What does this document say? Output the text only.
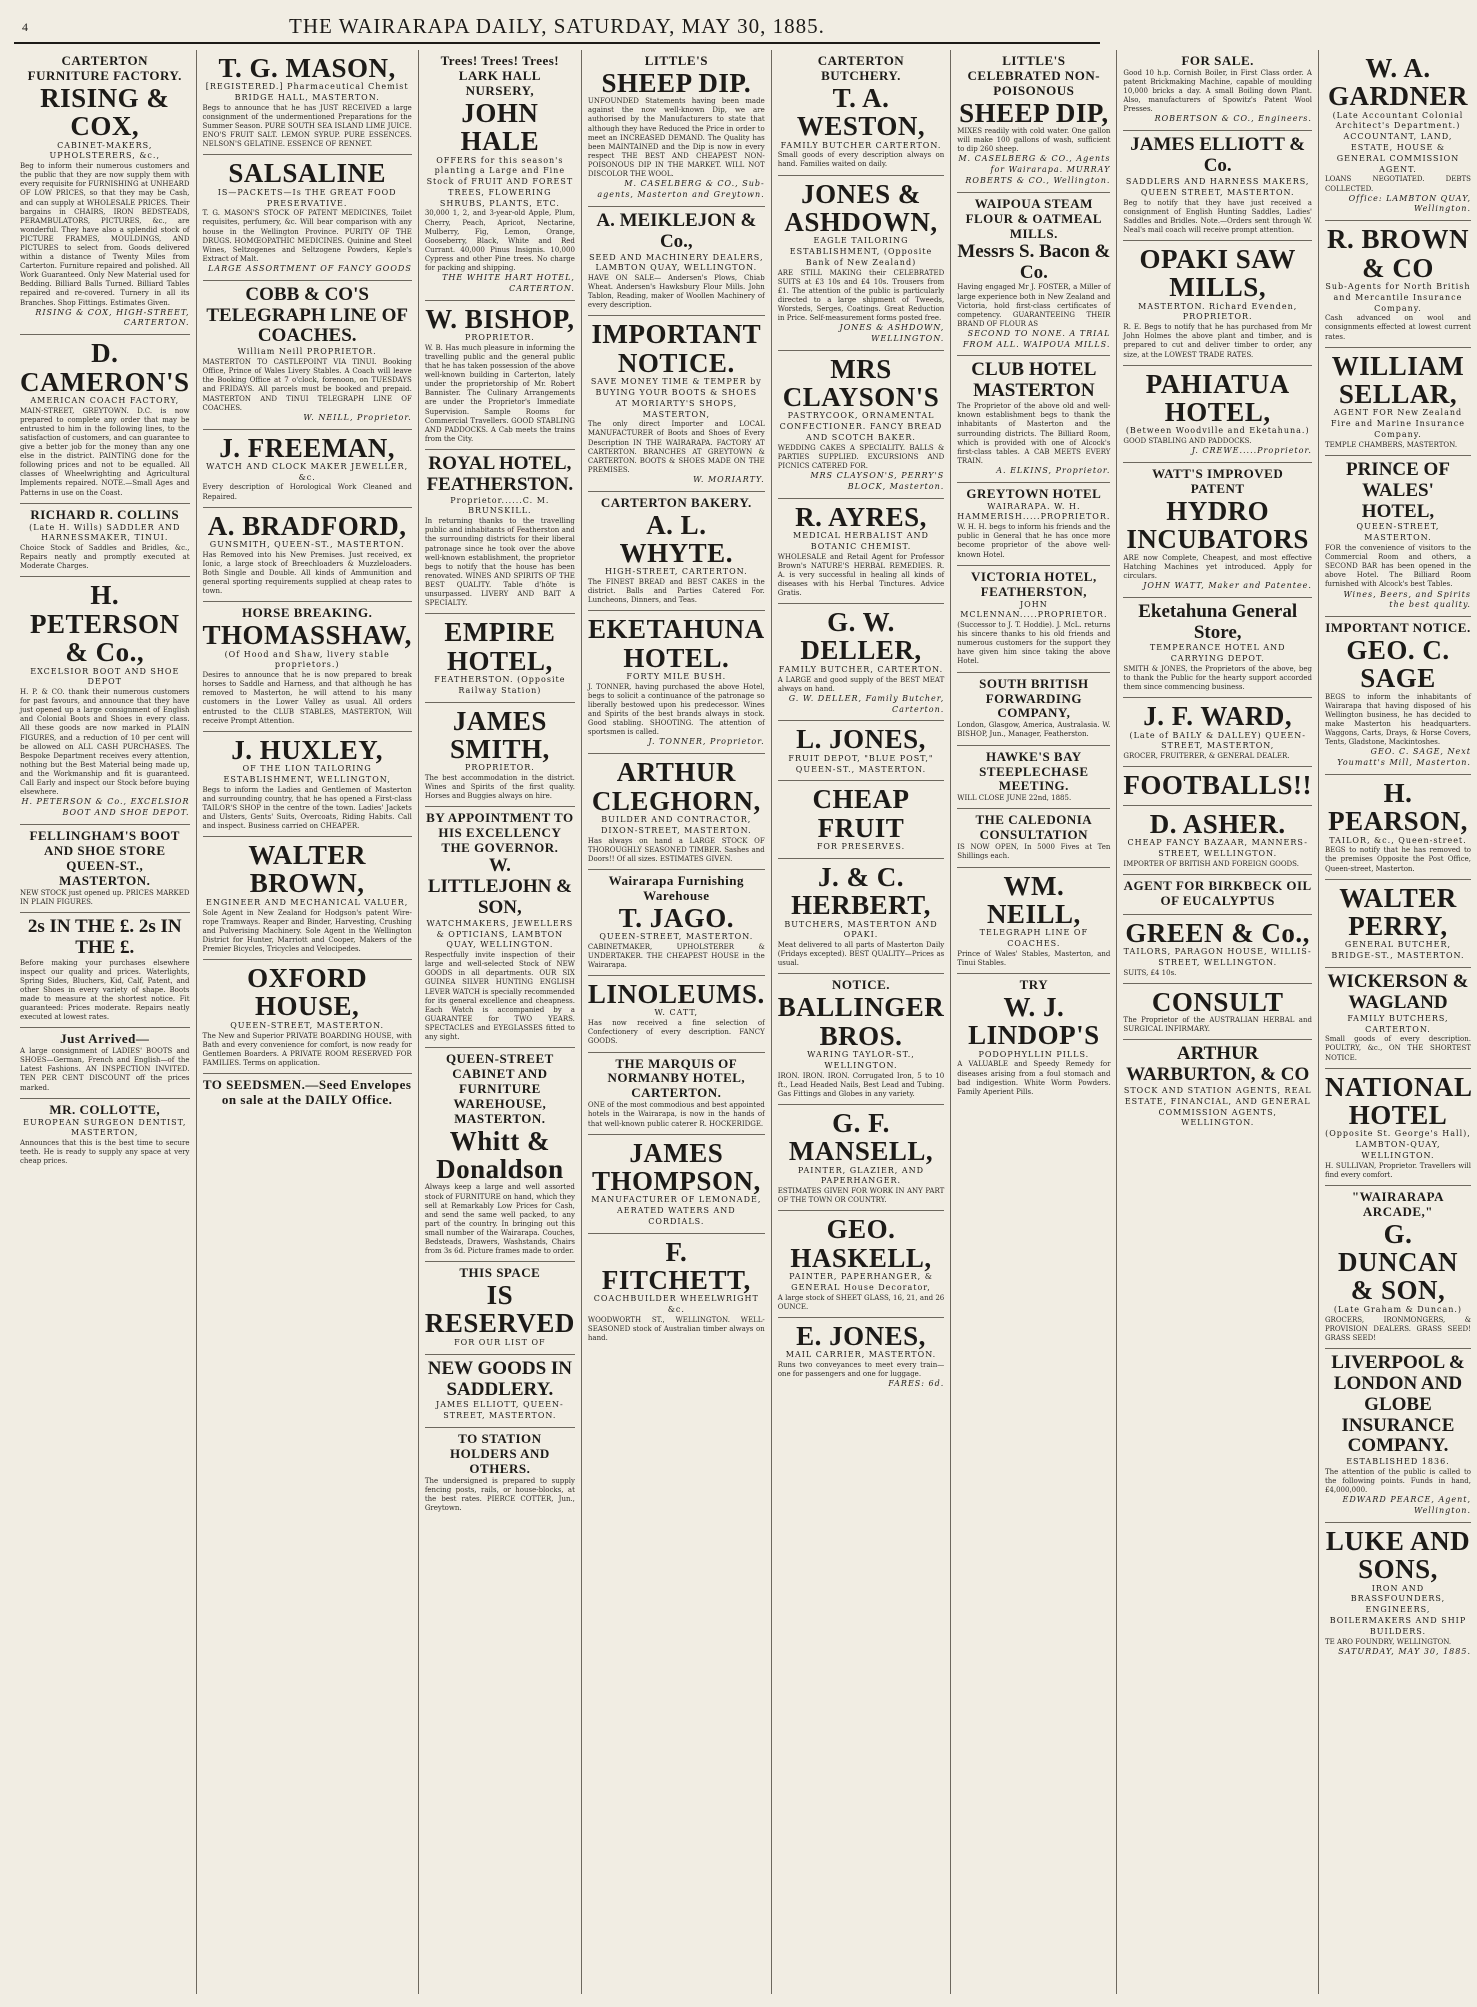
4	THE WAIRARAPA DAILY, SATURDAY, MAY 30, 1885.
CARTERTON FURNITURE FACTORY.
RISING & COX,
CABINET-MAKERS, UPHOLSTERERS, &c.,
Beg to inform their numerous customers and the public that they are now supply them with every requisite for FURNISHING at UNHEARD OF LOW PRICES, so that they may be Cash, and can supply at WHOLESALE PRICES. Their bargains in CHAIRS, IRON BEDSTEADS, PERAMBULATORS, PICTURES, &c., are wonderful. They have also a splendid stock of PICTURE FRAMES, MOULDINGS, AND PICTURES to select from. Goods delivered within a distance of Twenty Miles from Carterton. Furniture repaired and polished. All Work Guaranteed. Only New Material used for Bedding. Billiard Balls Turned. Billiard Tables repaired and re-covered. Turnery in all its Branches. Shop Fittings. Estimates Given.
RISING & COX, HIGH-STREET, CARTERTON.
D. CAMERON'S
AMERICAN COACH FACTORY,
MAIN-STREET, GREYTOWN. D.C. is now prepared to complete any order that may be entrusted to him in the following lines, to the satisfaction of customers, and can guarantee to give a better job for the money than any one else in the district. PAINTING done for the following prices and not to be equalled. All classes of Wheelwrighting and Agricultural Implements repaired. NOTE.—Small Ages and Patterns in use on the Coast.
RICHARD R. COLLINS
(Late H. Wills) SADDLER AND HARNESSMAKER, TINUI.
Choice Stock of Saddles and Bridles, &c., Repairs neatly and promptly executed at Moderate Charges.
H. PETERSON & Co.,
EXCELSIOR BOOT AND SHOE DEPOT
H. P. & CO. thank their numerous customers for past favours, and announce that they have just opened up a large consignment of English and Colonial Boots and Shoes in every class. All these goods are now marked in PLAIN FIGURES, and a reduction of 10 per cent will be allowed on ALL CASH PURCHASES. The Bespoke Department receives every attention, nothing but the Best Material being made up, and the Workmanship and fit is guaranteed. Call Early and inspect our Stock before buying elsewhere.
H. PETERSON & Co., EXCELSIOR BOOT AND SHOE DEPOT.
FELLINGHAM'S BOOT AND SHOE STORE
QUEEN-ST., MASTERTON.
NEW STOCK just opened up. PRICES MARKED IN PLAIN FIGURES.
2s IN THE £. 2s IN THE £.
Before making your purchases elsewhere inspect our quality and prices. Waterlights, Spring Sides, Bluchers, Kid, Calf, Patent, and other Shoes in every variety of shape. Boots made to measure at the shortest notice. Fit guaranteed: Prices moderate. Repairs neatly executed at lowest rates.
Just Arrived—
A large consignment of LADIES' BOOTS and SHOES—German, French and English—of the Latest Fashions. AN INSPECTION INVITED. TEN PER CENT DISCOUNT off the prices marked.
MR. COLLOTTE,
EUROPEAN SURGEON DENTIST, MASTERTON,
Announces that this is the best time to secure teeth. He is ready to supply any space at very cheap prices.
T. G. MASON,
[REGISTERED.] Pharmaceutical Chemist BRIDGE HALL, MASTERTON.
Begs to announce that he has JUST RECEIVED a large consignment of the undermentioned Preparations for the Summer Season. PURE SOUTH SEA ISLAND LIME JUICE. ENO'S FRUIT SALT. LEMON SYRUP. PURE ESSENCES. NELSON'S GELATINE. ESSENCE OF RENNET.
SALSALINE
IS—PACKETS—Is THE GREAT FOOD PRESERVATIVE.
T. G. MASON'S STOCK OF PATENT MEDICINES, Toilet requisites, perfumery, &c. Will bear comparison with any house in the Wellington Province. PURITY OF THE DRUGS. HOMŒOPATHIC MEDICINES. Quinine and Steel Wines, Seltzogenes and Seltzogene Powders, Keple's Extract of Malt.
LARGE ASSORTMENT OF FANCY GOODS
COBB & CO'S TELEGRAPH LINE OF COACHES.
William Neill PROPRIETOR.
MASTERTON TO CASTLEPOINT VIA TINUI. Booking Office, Prince of Wales Livery Stables. A Coach will leave the Booking Office at 7 o'clock, forenoon, on TUESDAYS and FRIDAYS. All parcels must be booked and prepaid. MASTERTON AND TINUI TELEGRAPH LINE OF COACHES.
W. NEILL, Proprietor.
J. FREEMAN,
WATCH AND CLOCK MAKER JEWELLER, &c.
Every description of Horological Work Cleaned and Repaired.
A. BRADFORD,
GUNSMITH, QUEEN-ST., MASTERTON.
Has Removed into his New Premises. Just received, ex Ionic, a large stock of Breechloaders & Muzzleloaders. Both Single and Double. All kinds of Ammunition and general sporting requirements supplied at cheap rates to town.
HORSE BREAKING.
THOMASSHAW,
(Of Hood and Shaw, livery stable proprietors.)
Desires to announce that he is now prepared to break horses to Saddle and Harness, and that although he has removed to Masterton, he will attend to his many customers in the Lower Valley as usual. All orders entrusted to the CLUB STABLES, MASTERTON, Will receive Prompt Attention.
J. HUXLEY,
OF THE LION TAILORING ESTABLISHMENT, WELLINGTON,
Begs to inform the Ladies and Gentlemen of Masterton and surrounding country, that he has opened a First-class TAILOR'S SHOP in the centre of the town. Ladies' Jackets and Ulsters, Gents' Suits, Overcoats, Riding Habits. Call and inspect. Business carried on CHEAPER.
WALTER BROWN,
ENGINEER AND MECHANICAL VALUER,
Sole Agent in New Zealand for Hodgson's patent Wire-rope Tramways. Reaper and Binder, Harvesting, Crushing and Pulverising Machinery. Sole Agent in the Wellington District for Hunter, Marriott and Cooper, Makers of the Premier Bicycles, Tricycles and Velocipedes.
OXFORD HOUSE,
QUEEN-STREET, MASTERTON.
The New and Superior PRIVATE BOARDING HOUSE, with Bath and every convenience for comfort, is now ready for Gentlemen Boarders. A PRIVATE ROOM RESERVED FOR FAMILIES. Terms on application.
TO SEEDSMEN.—Seed Envelopes on sale at the DAILY Office.
Trees! Trees! Trees!
LARK HALL NURSERY,
JOHN HALE
OFFERS for this season's planting a Large and Fine Stock of FRUIT AND FOREST TREES, FLOWERING SHRUBS, PLANTS, ETC.
30,000 1, 2, and 3-year-old Apple, Plum, Cherry, Peach, Apricot, Nectarine, Mulberry, Fig, Lemon, Orange, Gooseberry, Black, White and Red Currant. 40,000 Pinus Insignis. 10,000 Cypress and other Pine trees. No charge for packing and shipping.
THE WHITE HART HOTEL, CARTERTON.
W. BISHOP,
PROPRIETOR.
W. B. Has much pleasure in informing the travelling public and the general public that he has taken possession of the above well-known building in Carterton, lately under the proprietorship of Mr. Robert Bannister. The Culinary Arrangements are under the Proprietor's Immediate Supervision. Sample Rooms for Commercial Travellers. GOOD STABLING AND PADDOCKS. A Cab meets the trains from the City.
ROYAL HOTEL, FEATHERSTON.
Proprietor......C. M. BRUNSKILL.
In returning thanks to the travelling public and inhabitants of Featherston and the surrounding districts for their liberal patronage since he took over the above well-known establishment, the proprietor begs to notify that the house has been renovated. WINES AND SPIRITS OF THE BEST QUALITY. Table d'hôte is unsurpassed. LIVERY AND BAIT A SPECIALTY.
EMPIRE HOTEL,
FEATHERSTON. (Opposite Railway Station)
JAMES SMITH,
PROPRIETOR.
The best accommodation in the district. Wines and Spirits of the first quality. Horses and Buggies always on hire.
BY APPOINTMENT TO HIS EXCELLENCY THE GOVERNOR.
W. LITTLEJOHN & SON,
WATCHMAKERS, JEWELLERS & OPTICIANS, LAMBTON QUAY, WELLINGTON.
Respectfully invite inspection of their large and well-selected Stock of NEW GOODS in all departments. OUR SIX GUINEA SILVER HUNTING ENGLISH LEVER WATCH is specially recommended for its general excellence and cheapness. Each Watch is accompanied by a GUARANTEE for TWO YEARS. SPECTACLES and EYEGLASSES fitted to any sight.
QUEEN-STREET CABINET AND FURNITURE WAREHOUSE, MASTERTON.
Whitt & Donaldson
Always keep a large and well assorted stock of FURNITURE on hand, which they sell at Remarkably Low Prices for Cash, and send the same well packed, to any part of the country. In bringing out this small number of the Wairarapa. Couches, Bedsteads, Drawers, Washstands, Chairs from 3s 6d. Picture frames made to order.
THIS SPACE
IS RESERVED
FOR OUR LIST OF
NEW GOODS IN SADDLERY.
JAMES ELLIOTT, QUEEN-STREET, MASTERTON.
TO STATION HOLDERS AND OTHERS.
The undersigned is prepared to supply fencing posts, rails, or house-blocks, at the best rates. PIERCE COTTER, Jun., Greytown.
LITTLE'S
SHEEP DIP.
UNFOUNDED Statements having been made against the now well-known Dip, we are authorised by the Manufacturers to state that although they have Reduced the Price in order to meet an INCREASED DEMAND. The Quality has been MAINTAINED and the Dip is now in every respect THE BEST AND CHEAPEST NON-POISONOUS DIP IN THE MARKET. WILL NOT DISCOLOR THE WOOL.
M. CASELBERG & CO., Sub-agents, Masterton and Greytown.
A. MEIKLEJON & Co.,
SEED AND MACHINERY DEALERS, LAMBTON QUAY, WELLINGTON.
HAVE ON SALE— Andersen's Plows, Chiab Wheat. Andersen's Hawksbury Flour Mills. John Tablon, Reading, maker of Woollen Machinery of every description.
IMPORTANT NOTICE.
SAVE MONEY TIME & TEMPER by BUYING YOUR BOOTS & SHOES AT MORIARTY'S SHOPS, MASTERTON,
The only direct Importer and LOCAL MANUFACTURER of Boots and Shoes of Every Description IN THE WAIRARAPA. FACTORY AT CARTERTON. BRANCHES AT GREYTOWN & CARTERTON. BOOTS & SHOES MADE ON THE PREMISES.
W. MORIARTY.
CARTERTON BAKERY.
A. L. WHYTE.
HIGH-STREET, CARTERTON.
The FINEST BREAD and BEST CAKES in the district. Balls and Parties Catered For. Luncheons, Dinners, and Teas.
EKETAHUNA HOTEL.
FORTY MILE BUSH.
J. TONNER, having purchased the above Hotel, begs to solicit a continuance of the patronage so liberally bestowed upon his predecessor. Wines and Spirits of the best brands always in stock. Good stabling. SHOOTING. The attention of sportsmen is called.
J. TONNER, Proprietor.
ARTHUR CLEGHORN,
BUILDER AND CONTRACTOR, DIXON-STREET, MASTERTON.
Has always on hand a LARGE STOCK OF THOROUGHLY SEASONED TIMBER. Sashes and Doors!! Of all sizes. ESTIMATES GIVEN.
Wairarapa Furnishing Warehouse
T. JAGO.
QUEEN-STREET, MASTERTON.
CABINETMAKER, UPHOLSTERER & UNDERTAKER. THE CHEAPEST HOUSE in the Wairarapa.
LINOLEUMS.
W. CATT,
Has now received a fine selection of Confectionery of every description. FANCY GOODS.
THE MARQUIS OF NORMANBY HOTEL, CARTERTON.
ONE of the most commodious and best appointed hotels in the Wairarapa, is now in the hands of that well-known public caterer R. HOCKERIDGE.
JAMES THOMPSON,
MANUFACTURER OF LEMONADE, AERATED WATERS AND CORDIALS.
F. FITCHETT,
COACHBUILDER WHEELWRIGHT &c.
WOODWORTH ST., WELLINGTON. WELL-SEASONED stock of Australian timber always on hand.
CARTERTON BUTCHERY.
T. A. WESTON,
FAMILY BUTCHER CARTERTON.
Small goods of every description always on hand. Families waited on daily.
JONES & ASHDOWN,
EAGLE TAILORING ESTABLISHMENT, (Opposite Bank of New Zealand)
ARE STILL MAKING their CELEBRATED SUITS at £3 10s and £4 10s. Trousers from £1. The attention of the public is particularly directed to a large shipment of Tweeds, Worsteds, Serges, Coatings. Great Reduction in Price. Self-measurement forms posted free.
JONES & ASHDOWN, WELLINGTON.
MRS CLAYSON'S
PASTRYCOOK, ORNAMENTAL CONFECTIONER. FANCY BREAD AND SCOTCH BAKER.
WEDDING CAKES A SPECIALITY. BALLS & PARTIES SUPPLIED. EXCURSIONS AND PICNICS CATERED FOR.
MRS CLAYSON'S, PERRY'S BLOCK, Masterton.
R. AYRES,
MEDICAL HERBALIST AND BOTANIC CHEMIST.
WHOLESALE and Retail Agent for Professor Brown's NATURE'S HERBAL REMEDIES. R. A. is very successful in healing all kinds of diseases with his Herbal Tinctures. Advice Gratis.
G. W. DELLER,
FAMILY BUTCHER, CARTERTON.
A LARGE and good supply of the BEST MEAT always on hand.
G. W. DELLER, Family Butcher, Carterton.
L. JONES,
FRUIT DEPOT, "BLUE POST," QUEEN-ST., MASTERTON.
CHEAP FRUIT
FOR PRESERVES.
J. & C. HERBERT,
BUTCHERS, MASTERTON AND OPAKI.
Meat delivered to all parts of Masterton Daily (Fridays excepted). BEST QUALITY—Prices as usual.
NOTICE.
BALLINGER BROS.
WARING TAYLOR-ST., WELLINGTON.
IRON. IRON. IRON. Corrugated Iron, 5 to 10 ft., Lead Headed Nails, Best Lead and Tubing. Gas Fittings and Globes in any variety.
G. F. MANSELL,
PAINTER, GLAZIER, AND PAPERHANGER.
ESTIMATES GIVEN FOR WORK IN ANY PART OF THE TOWN OR COUNTRY.
GEO. HASKELL,
PAINTER, PAPERHANGER, & GENERAL House Decorator,
A large stock of SHEET GLASS, 16, 21, and 26 OUNCE.
E. JONES,
MAIL CARRIER, MASTERTON.
Runs two conveyances to meet every train—one for passengers and one for luggage.
FARES: 6d.
LITTLE'S CELEBRATED NON-POISONOUS
SHEEP DIP,
MIXES readily with cold water. One gallon will make 100 gallons of wash, sufficient to dip 260 sheep.
M. CASELBERG & CO., Agents for Wairarapa. MURRAY ROBERTS & CO., Wellington.
WAIPOUA STEAM FLOUR & OATMEAL MILLS.
Messrs S. Bacon & Co.
Having engaged Mr J. FOSTER, a Miller of large experience both in New Zealand and Victoria, hold first-class certificates of competency. GUARANTEEING THEIR BRAND OF FLOUR AS
SECOND TO NONE. A TRIAL FROM ALL. WAIPOUA MILLS.
CLUB HOTEL MASTERTON
The Proprietor of the above old and well-known establishment begs to thank the inhabitants of Masterton and the surrounding districts. The Billiard Room, which is provided with one of Alcock's first-class tables. A CAB MEETS EVERY TRAIN.
A. ELKINS, Proprietor.
GREYTOWN HOTEL
WAIRARAPA. W. H. HAMMERISH.....PROPRIETOR.
W. H. H. begs to inform his friends and the public in General that he has once more become proprietor of the above well-known Hotel.
VICTORIA HOTEL, FEATHERSTON,
JOHN MCLENNAN.....PROPRIETOR.
(Successor to J. T. Hoddie). J. McL. returns his sincere thanks to his old friends and numerous customers for the support they have given him since taking the above Hotel.
SOUTH BRITISH FORWARDING COMPANY,
London, Glasgow, America, Australasia. W. BISHOP, Jun., Manager, Featherston.
HAWKE'S BAY STEEPLECHASE MEETING.
WILL CLOSE JUNE 22nd, 1885.
THE CALEDONIA CONSULTATION
IS NOW OPEN, In 5000 Fives at Ten Shillings each.
WM. NEILL,
TELEGRAPH LINE OF COACHES.
Prince of Wales' Stables, Masterton, and Tinui Stables.
TRY
W. J. LINDOP'S
PODOPHYLLIN PILLS.
A VALUABLE and Speedy Remedy for diseases arising from a foul stomach and bad indigestion. White Worm Powders. Family Aperient Pills.
FOR SALE.
Good 10 h.p. Cornish Boiler, in First Class order. A patent Brickmaking Machine, capable of moulding 10,000 bricks a day. A small Boiling down Plant. Also, manufacturers of Spowitz's Patent Wool Presses.
ROBERTSON & CO., Engineers.
JAMES ELLIOTT & Co.
SADDLERS AND HARNESS MAKERS, QUEEN STREET, MASTERTON.
Beg to notify that they have just received a consignment of English Hunting Saddles, Ladies' Saddles and Bridles. Note.—Orders sent through W. Neal's mail coach will receive prompt attention.
OPAKI SAW MILLS,
MASTERTON. Richard Evenden, PROPRIETOR.
R. E. Begs to notify that he has purchased from Mr John Holmes the above plant and timber, and is prepared to cut and deliver timber to order, any size, at the LOWEST TRADE RATES.
PAHIATUA HOTEL,
(Between Woodville and Eketahuna.)
GOOD STABLING AND PADDOCKS.
J. CREWE.....Proprietor.
WATT'S IMPROVED PATENT
HYDRO INCUBATORS
ARE now Complete, Cheapest, and most effective Hatching Machines yet introduced. Apply for circulars.
JOHN WATT, Maker and Patentee.
Eketahuna General Store,
TEMPERANCE HOTEL AND CARRYING DEPOT.
SMITH & JONES, the Proprietors of the above, beg to thank the Public for the hearty support accorded them since commencing business.
J. F. WARD,
(Late of BAILY & DALLEY) QUEEN-STREET, MASTERTON,
GROCER, FRUITERER, & GENERAL DEALER.
FOOTBALLS!!
D. ASHER.
CHEAP FANCY BAZAAR, MANNERS-STREET, WELLINGTON.
IMPORTER OF BRITISH AND FOREIGN GOODS.
AGENT FOR BIRKBECK OIL OF EUCALYPTUS
GREEN & Co.,
TAILORS, PARAGON HOUSE, WILLIS-STREET, WELLINGTON.
SUITS, £4 10s.
CONSULT
The Proprietor of the AUSTRALIAN HERBAL and SURGICAL INFIRMARY.
ARTHUR WARBURTON, & CO
STOCK AND STATION AGENTS, REAL ESTATE, FINANCIAL, AND GENERAL COMMISSION AGENTS, WELLINGTON.
W. A. GARDNER
(Late Accountant Colonial Architect's Department.) ACCOUNTANT, LAND, ESTATE, HOUSE & GENERAL COMMISSION AGENT.
LOANS NEGOTIATED. DEBTS COLLECTED.
Office: LAMBTON QUAY, Wellington.
R. BROWN & CO
Sub-Agents for North British and Mercantile Insurance Company.
Cash advanced on wool and consignments effected at lowest current rates.
WILLIAM SELLAR,
AGENT FOR New Zealand Fire and Marine Insurance Company.
TEMPLE CHAMBERS, MASTERTON.
PRINCE OF WALES' HOTEL,
QUEEN-STREET, MASTERTON.
FOR the convenience of visitors to the Commercial Room and others, a SECOND BAR has been opened in the above Hotel. The Billiard Room furnished with Alcock's best Tables.
Wines, Beers, and Spirits the best quality.
IMPORTANT NOTICE.
GEO. C. SAGE
BEGS to inform the inhabitants of Wairarapa that having disposed of his Wellington business, he has decided to make Masterton his headquarters. Waggons, Carts, Drays, & Horse Covers, Tents, Gladstone, Mackintoshes.
GEO. C. SAGE, Next Youmatt's Mill, Masterton.
H. PEARSON,
TAILOR, &c., Queen-street.
BEGS to notify that he has removed to the premises Opposite the Post Office, Queen-street, Masterton.
WALTER PERRY,
GENERAL BUTCHER, BRIDGE-ST., MASTERTON.
WICKERSON & WAGLAND
FAMILY BUTCHERS, CARTERTON.
Small goods of every description. POULTRY, &c., ON THE SHORTEST NOTICE.
NATIONAL HOTEL
(Opposite St. George's Hall), LAMBTON-QUAY, WELLINGTON.
H. SULLIVAN, Proprietor. Travellers will find every comfort.
"WAIRARAPA ARCADE,"
G. DUNCAN & SON,
(Late Graham & Duncan.)
GROCERS, IRONMONGERS, & PROVISION DEALERS. GRASS SEED! GRASS SEED!
LIVERPOOL & LONDON AND GLOBE INSURANCE COMPANY.
ESTABLISHED 1836.
The attention of the public is called to the following points. Funds in hand, £4,000,000.
EDWARD PEARCE, Agent, Wellington.
LUKE AND SONS,
IRON AND BRASSFOUNDERS, ENGINEERS, BOILERMAKERS AND SHIP BUILDERS.
TE ARO FOUNDRY, WELLINGTON.
SATURDAY, MAY 30, 1885.
